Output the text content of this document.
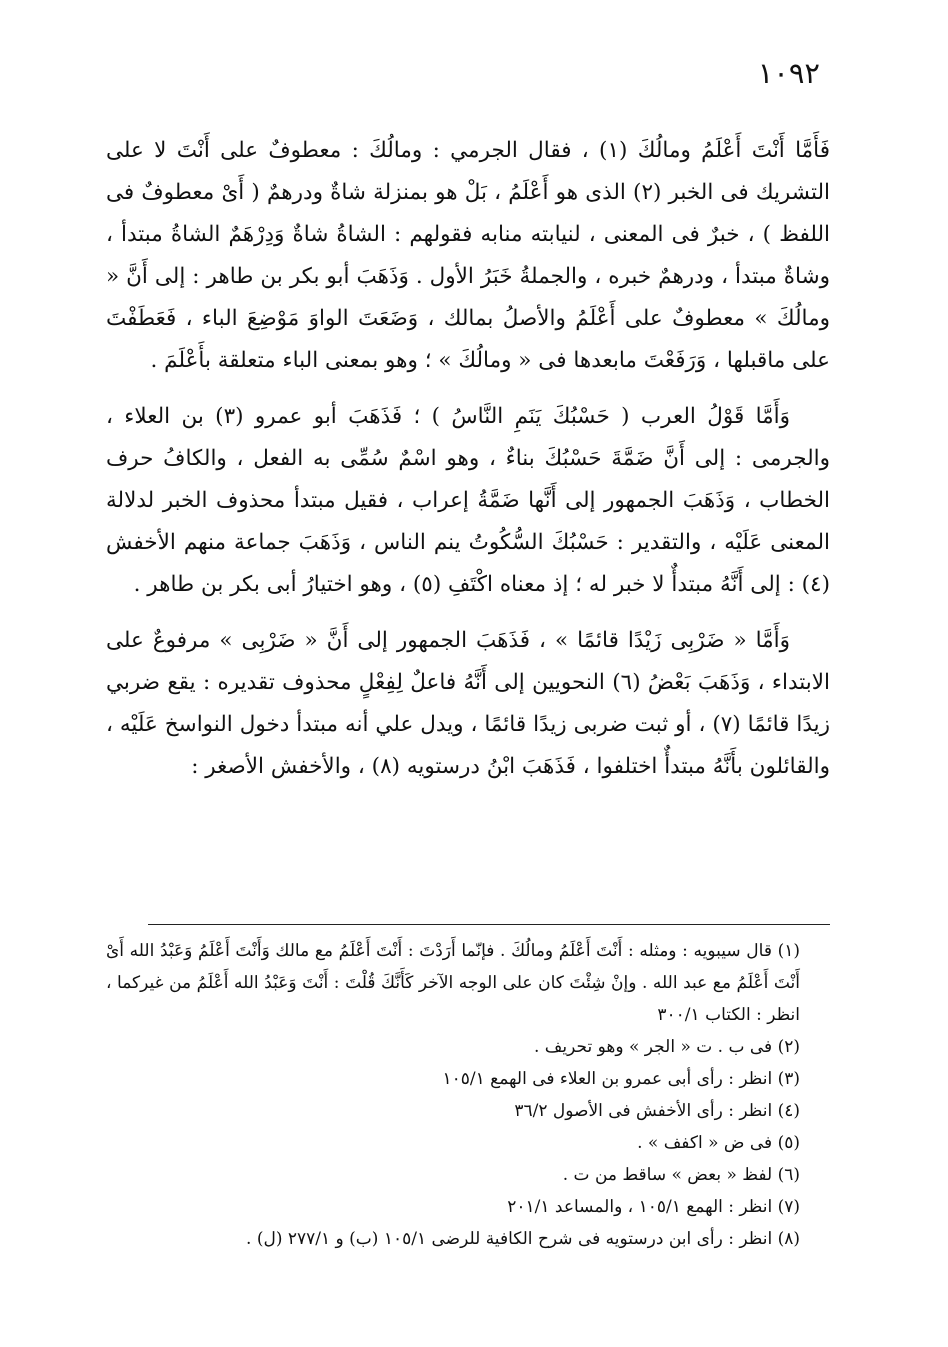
١٠٩٢

فَأَمَّا أَنْتَ أَعْلَمُ ومالُكَ (١) ، فقال الجرمي : ومالُكَ : معطوفٌ على أَنْتَ لا على التشريك فى الخبر (٢) الذى هو أَعْلَمُ ، بَلْ هو بمنزلة شاةٌ ودرهمٌ ( أَىْ معطوفٌ فى اللفظ ) ، خبرٌ فى المعنى ، لنيابته منابه فقولهم : الشاةُ شاةٌ وَدِرْهَمٌ الشاةُ مبتدأ ، وشاةٌ مبتدأ ، ودرهمٌ خبره ، والجملةُ خَبَرُ الأول . وَذَهَبَ أبو بكر بن طاهر : إلى أَنَّ « ومالُكَ » معطوفٌ على أَعْلَمُ والأصلُ بمالك ، وَضَعَتَ الواوَ مَوْضِعَ الباء ، فَعَطَفْتَ على ماقبلها ، وَرَفَعْتَ مابعدها فى « ومالُكَ » ؛ وهو بمعنى الباء متعلقة بأَعْلَمَ .

وَأَمَّا قَوْلُ العرب ( حَسْبُكَ يَنَمِ النَّاسُ ) ؛ فَذَهَبَ أبو عمرو (٣) بن العلاء ، والجرمى : إلى أَنَّ ضَمَّةَ حَسْبُكَ بناءٌ ، وهو اسْمٌ سُمِّى به الفعل ، والكافُ حرف الخطاب ، وَذَهَبَ الجمهور إلى أَنَّها ضَمَّةُ إعراب ، فقيل مبتدأ محذوف الخبر لدلالة المعنى عَلَيْه ، والتقدير : حَسْبُكَ السُّكُوتُ ينم الناس ، وَذَهَبَ جماعة منهم الأخفش (٤) : إلى أَنَّهُ مبتدأٌ لا خبر له ؛ إذ معناه اكْتَفِ (٥) ، وهو اختيارُ أبى بكر بن طاهر .

وَأَمَّا « ضَرْبِى زَيْدًا قائمًا » ، فَذَهَبَ الجمهور إلى أَنَّ « ضَرْبِى » مرفوعٌ على الابتداء ، وَذَهَبَ بَعْضُ (٦) النحويين إلى أَنَّهُ فاعلٌ لِفِعْلٍ محذوف تقديره : يقع ضربي زيدًا قائمًا (٧) ، أو ثبت ضربى زيدًا قائمًا ، ويدل علي أنه مبتدأ دخول النواسخ عَلَيْه ، والقائلون بأَنَّهُ مبتدأٌ اختلفوا ، فَذَهَبَ ابْنُ درستويه (٨) ، والأخفش الأصغر :

(١) قال سيبويه : ومثله : أَنْتَ أَعْلَمُ ومالُكَ . فإنّما أَرَدْتَ : أَنْتَ أَعْلَمُ مع مالك وَأَنْتَ أَعْلَمُ وَعَبْدُ الله أَىْ أَنْتَ أَعْلَمُ مع عبد الله . وإنْ شِئْتَ كان على الوجه الآخر كَأَنَّكَ قُلْتَ : أَنْتَ وَعَبْدُ الله أَعْلَمُ من غيركما ، انظر : الكتاب ٣٠٠/١

(٢) فى ب . ت « الجر » وهو تحريف .

(٣) انظر : رأى أبى عمرو بن العلاء فى الهمع ١٠٥/١

(٤) انظر : رأى الأخفش فى الأصول ٣٦/٢

(٥) فى ض « اكفف » .

(٦) لفظ « بعض » ساقط من ت .

(٧) انظر : الهمع ١٠٥/١ ، والمساعد ٢٠١/١

(٨) انظر : رأى ابن درستويه فى شرح الكافية للرضى ١٠٥/١ (ب) و ٢٧٧/١ (ل) .
